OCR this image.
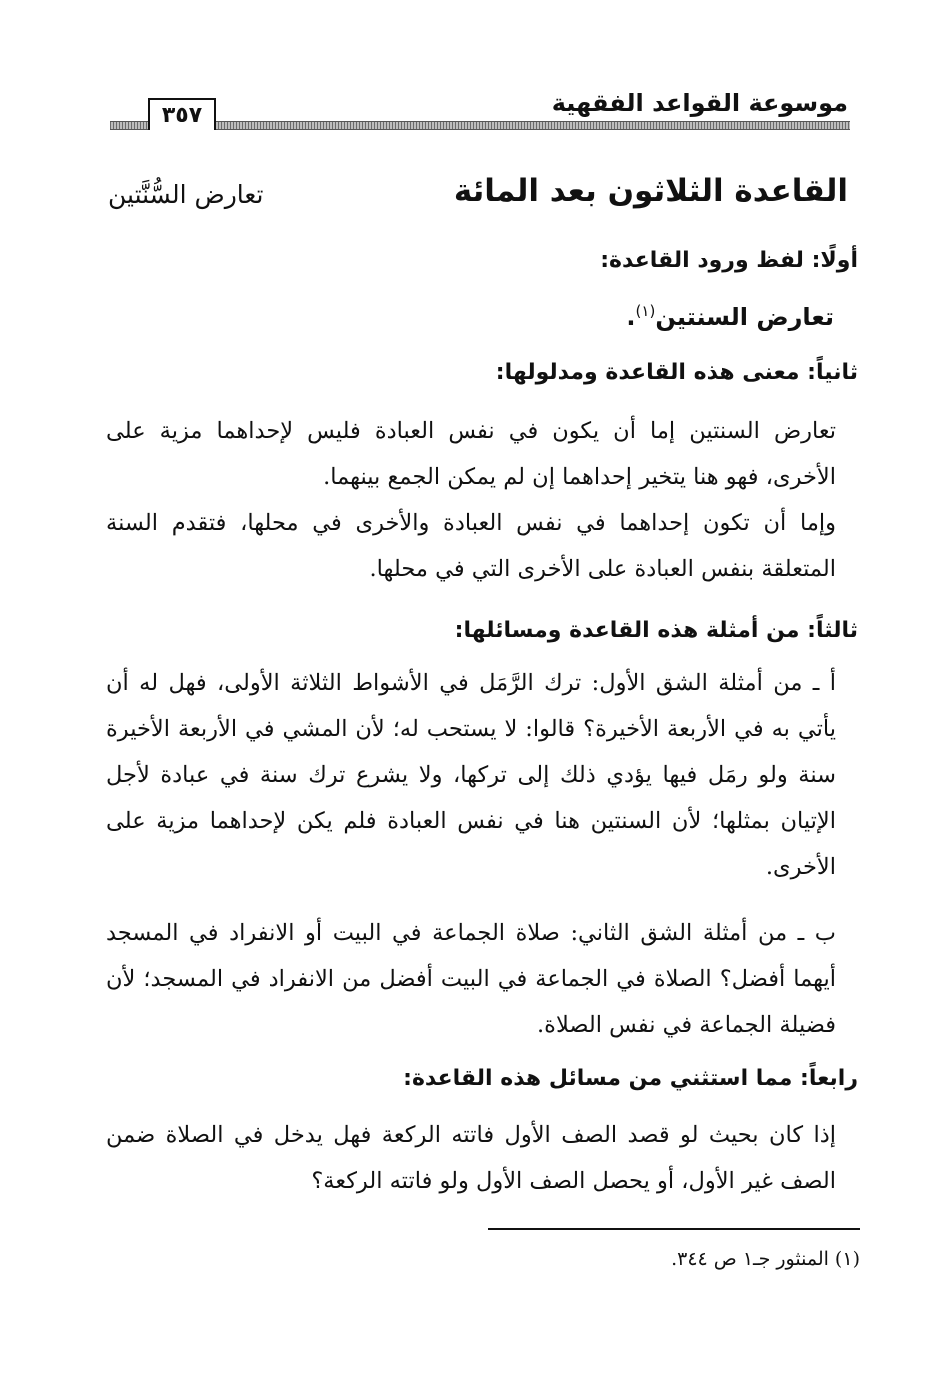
موسوعة القواعد الفقهية
٣٥٧
القاعدة الثلاثون بعد المائة
تعارض السُّنَّتين
أولًا: لفظ ورود القاعدة:
تعارض السنتين$^{(١)}$.
ثانياً: معنى هذه القاعدة ومدلولها:
تعارض السنتين إما أن يكون في نفس العبادة فليس لإحداهما مزية على الأخرى، فهو هنا يتخير إحداهما إن لم يمكن الجمع بينهما.
وإما أن تكون إحداهما في نفس العبادة والأخرى في محلها، فتقدم السنة المتعلقة بنفس العبادة على الأخرى التي في محلها.
ثالثاً: من أمثلة هذه القاعدة ومسائلها:
أ ـ من أمثلة الشق الأول: ترك الرَّمَل في الأشواط الثلاثة الأولى، فهل له أن يأتي به في الأربعة الأخيرة؟ قالوا: لا يستحب له؛ لأن المشي في الأربعة الأخيرة سنة ولو رمَل فيها يؤدي ذلك إلى تركها، ولا يشرع ترك سنة في عبادة لأجل الإتيان بمثلها؛ لأن السنتين هنا في نفس العبادة فلم يكن لإحداهما مزية على الأخرى.
ب ـ من أمثلة الشق الثاني: صلاة الجماعة في البيت أو الانفراد في المسجد أيهما أفضل؟ الصلاة في الجماعة في البيت أفضل من الانفراد في المسجد؛ لأن فضيلة الجماعة في نفس الصلاة.
رابعاً: مما استثني من مسائل هذه القاعدة:
إذا كان بحيث لو قصد الصف الأول فاتته الركعة فهل يدخل في الصلاة ضمن الصف غير الأول، أو يحصل الصف الأول ولو فاتته الركعة؟
(١) المنثور جـ١ ص ٣٤٤.
